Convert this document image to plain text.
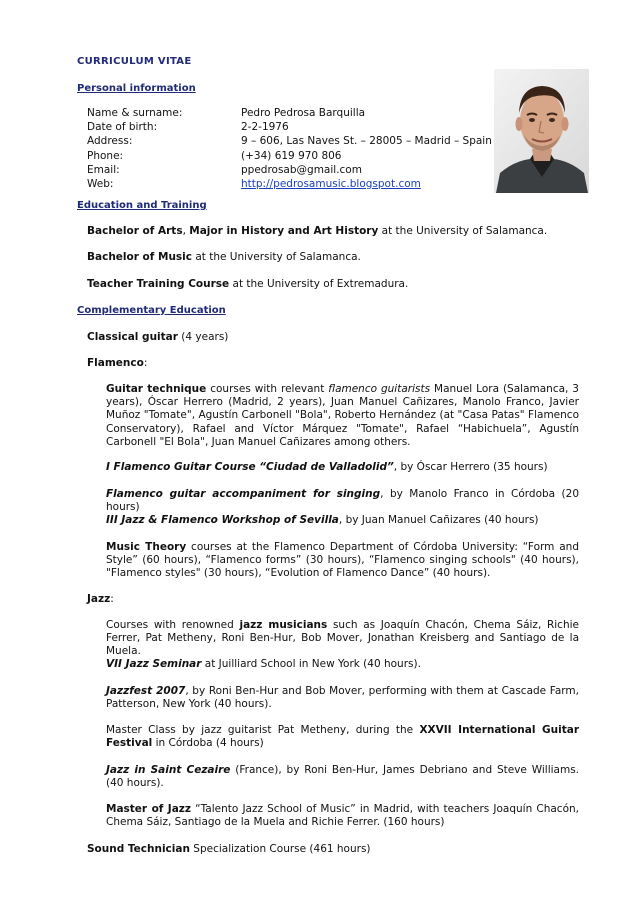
CURRICULUM VITAE
Personal information
Name & surname:	Pedro Pedrosa Barquilla
Date of birth:	2-2-1976
Address:	9 – 606, Las Naves St. – 28005 – Madrid – Spain
Phone:	(+34) 619 970 806
Email:	ppedrosab@gmail.com
Web:	http://pedrosamusic.blogspot.com
Education and Training
Bachelor of Arts, Major in History and Art History at the University of Salamanca.
Bachelor of Music at the University of Salamanca.
Teacher Training Course at the University of Extremadura.
Complementary Education
Classical guitar (4 years)
Flamenco:
Guitar technique courses with relevant flamenco guitarists Manuel Lora (Salamanca, 3 years), Óscar Herrero (Madrid, 2 years), Juan Manuel Cañizares, Manolo Franco, Javier Muñoz "Tomate", Agustín Carbonell "Bola", Roberto Hernández (at "Casa Patas" Flamenco Conservatory), Rafael and Víctor Márquez "Tomate", Rafael “Habichuela”, Agustín Carbonell "El Bola", Juan Manuel Cañizares among others.
I Flamenco Guitar Course “Ciudad de Valladolid”, by Óscar Herrero (35 hours)
Flamenco guitar accompaniment for singing, by Manolo Franco in Córdoba (20 hours)
III Jazz & Flamenco Workshop of Sevilla, by Juan Manuel Cañizares (40 hours)
Music Theory courses at the Flamenco Department of Córdoba University: “Form and Style” (60 hours), “Flamenco forms” (30 hours), “Flamenco singing schools" (40 hours), "Flamenco styles" (30 hours), “Evolution of Flamenco Dance” (40 hours).
Jazz:
Courses with renowned jazz musicians such as Joaquín Chacón, Chema Sáiz, Richie Ferrer, Pat Metheny, Roni Ben-Hur, Bob Mover, Jonathan Kreisberg and Santiago de la Muela.
VII Jazz Seminar at Juilliard School in New York (40 hours).
Jazzfest 2007, by Roni Ben-Hur and Bob Mover, performing with them at Cascade Farm, Patterson, New York (40 hours).
Master Class by jazz guitarist Pat Metheny, during the XXVII International Guitar Festival in Córdoba (4 hours)
Jazz in Saint Cezaire (France), by Roni Ben-Hur, James Debriano and Steve Williams. (40 hours).
Master of Jazz “Talento Jazz School of Music” in Madrid, with teachers Joaquín Chacón, Chema Sáiz, Santiago de la Muela and Richie Ferrer. (160 hours)
Sound Technician Specialization Course (461 hours)
